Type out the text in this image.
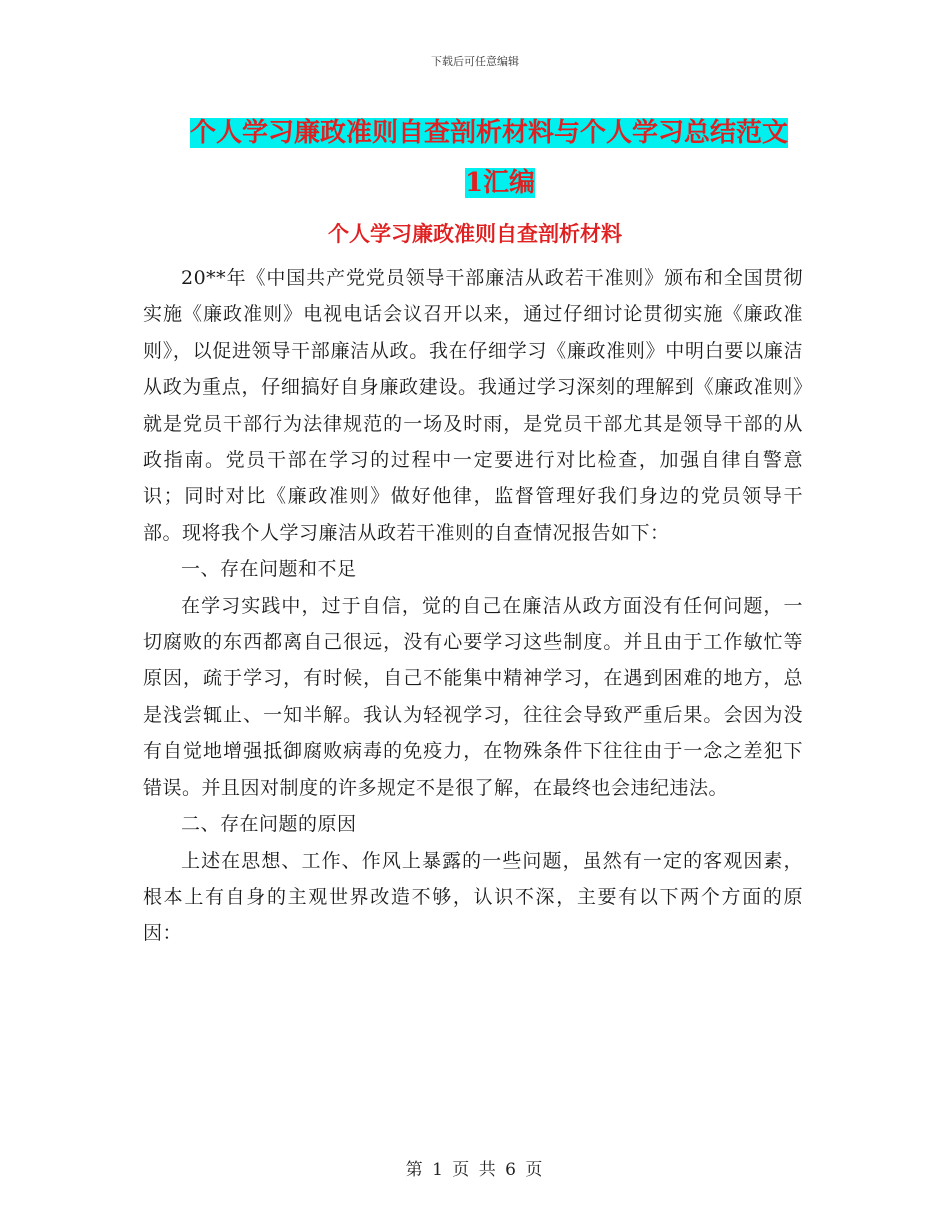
下载后可任意编辑
个人学习廉政准则自查剖析材料与个人学习总结范文
1汇编
个人学习廉政准则自查剖析材料

20**年《中国共产党党员领导干部廉洁从政若干准则》颁布和全国贯彻实施《廉政准则》电视电话会议召开以来，通过仔细讨论贯彻实施《廉政准则》，以促进领导干部廉洁从政。我在仔细学习《廉政准则》中明白要以廉洁从政为重点，仔细搞好自身廉政建设。我通过学习深刻的理解到《廉政准则》就是党员干部行为法律规范的一场及时雨，是党员干部尤其是领导干部的从政指南。党员干部在学习的过程中一定要进行对比检查，加强自律自警意识；同时对比《廉政准则》做好他律，监督管理好我们身边的党员领导干部。现将我个人学习廉洁从政若干准则的自查情况报告如下：

一、存在问题和不足

在学习实践中，过于自信，觉的自己在廉洁从政方面没有任何问题，一切腐败的东西都离自己很远，没有心要学习这些制度。并且由于工作敏忙等原因，疏于学习，有时候，自己不能集中精神学习，在遇到困难的地方，总是浅尝辄止、一知半解。我认为轻视学习，往往会导致严重后果。会因为没有自觉地增强抵御腐败病毒的免疫力，在物殊条件下往往由于一念之差犯下错误。并且因对制度的许多规定不是很了解，在最终也会违纪违法。

二、存在问题的原因

上述在思想、工作、作风上暴露的一些问题，虽然有一定的客观因素，根本上有自身的主观世界改造不够，认识不深，主要有以下两个方面的原因：

第 1 页 共 6 页
